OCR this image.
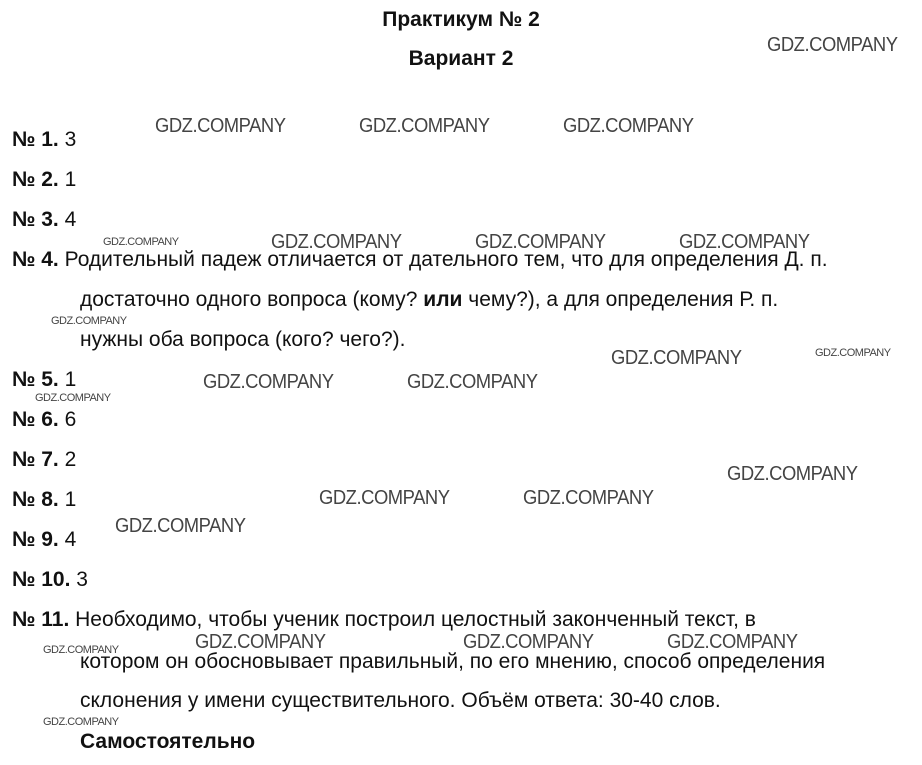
Практикум № 2
Вариант 2
№ 1. 3
№ 2. 1
№ 3. 4
№ 4. Родительный падеж отличается от дательного тем, что для определения Д. п.
достаточно одного вопроса (кому? или чему?), а для определения Р. п.
нужны оба вопроса (кого? чего?).
№ 5. 1
№ 6. 6
№ 7. 2
№ 8. 1
№ 9. 4
№ 10. 3
№ 11. Необходимо, чтобы ученик построил целостный законченный текст, в
котором он обосновывает правильный, по его мнению, способ определения
склонения у имени существительного. Объём ответа: 30-40 слов.
Самостоятельно
GDZ.COMPANY
GDZ.COMPANY	GDZ.COMPANY	GDZ.COMPANY
GDZ.COMPANY	GDZ.COMPANY	GDZ.COMPANY	GDZ.COMPANY
GDZ.COMPANY
GDZ.COMPANY	GDZ.COMPANY
GDZ.COMPANY	GDZ.COMPANY
GDZ.COMPANY
GDZ.COMPANY
GDZ.COMPANY	GDZ.COMPANY
GDZ.COMPANY
GDZ.COMPANY	GDZ.COMPANY	GDZ.COMPANY
GDZ.COMPANY
GDZ.COMPANY
